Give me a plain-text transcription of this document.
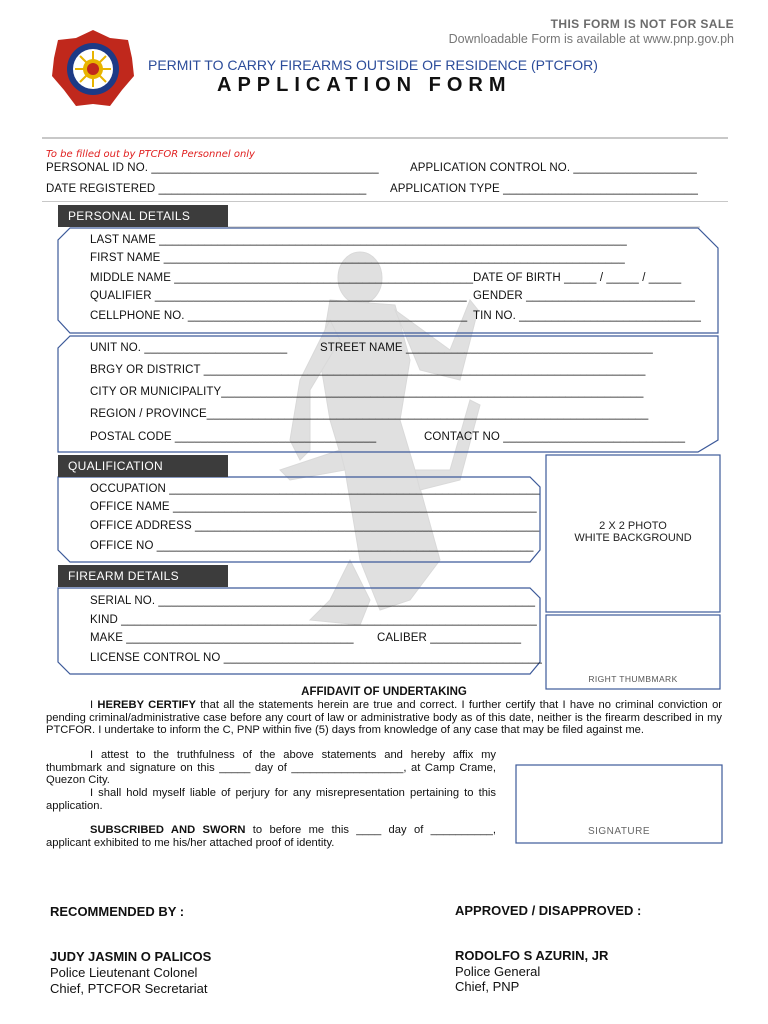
THIS FORM IS NOT FOR SALE
Downloadable Form is available at www.pnp.gov.ph
PERMIT TO CARRY FIREARMS OUTSIDE OF RESIDENCE (PTCFOR)
APPLICATION FORM
To be filled out by PTCFOR Personnel only
PERSONAL ID NO. ___________________________________	APPLICATION CONTROL NO. ___________________
DATE REGISTERED ________________________________ APPLICATION TYPE ______________________________
PERSONAL DETAILS
LAST NAME ________________________________________________________________________
FIRST NAME _______________________________________________________________________
MIDDLE NAME ______________________________________________ DATE OF BIRTH _____ / _____ / _____
QUALIFIER ________________________________________________ GENDER __________________________
CELLPHONE NO. ___________________________________________ TIN NO. ____________________________
UNIT NO. ______________________	STREET NAME ______________________________________
BRGY OR DISTRICT ____________________________________________________________________
CITY OR MUNICIPALITY_________________________________________________________________
REGION / PROVINCE____________________________________________________________________
POSTAL CODE _______________________________	CONTACT NO ____________________________
QUALIFICATION
OCCUPATION _________________________________________________________
OFFICE NAME ________________________________________________________
OFFICE ADDRESS _____________________________________________________
OFFICE NO __________________________________________________________
FIREARM DETAILS
SERIAL NO. __________________________________________________________
KIND ________________________________________________________________
MAKE ___________________________________ CALIBER ______________
LICENSE CONTROL NO _________________________________________________
2 X 2 PHOTO
WHITE BACKGROUND
RIGHT THUMBMARK
AFFIDAVIT OF UNDERTAKING
I HEREBY CERTIFY that all the statements herein are true and correct. I further certify that I have no criminal conviction or pending criminal/administrative case before any court of law or administrative body as of this date, neither is the firearm described in my PTCFOR. I undertake to inform the C, PNP within five (5) days from knowledge of any case that may be filed against me.
I attest to the truthfulness of the above statements and hereby affix my thumbmark and signature on this _____ day of __________________, at Camp Crame, Quezon City.
I shall hold myself liable of perjury for any misrepresentation pertaining to this application.
SUBSCRIBED AND SWORN to before me this ____ day of __________, applicant exhibited to me his/her attached proof of identity.
SIGNATURE
RECOMMENDED BY :
JUDY JASMIN O PALICOS
Police Lieutenant Colonel
Chief, PTCFOR Secretariat
APPROVED / DISAPPROVED :
RODOLFO S AZURIN, JR
Police General
Chief, PNP
